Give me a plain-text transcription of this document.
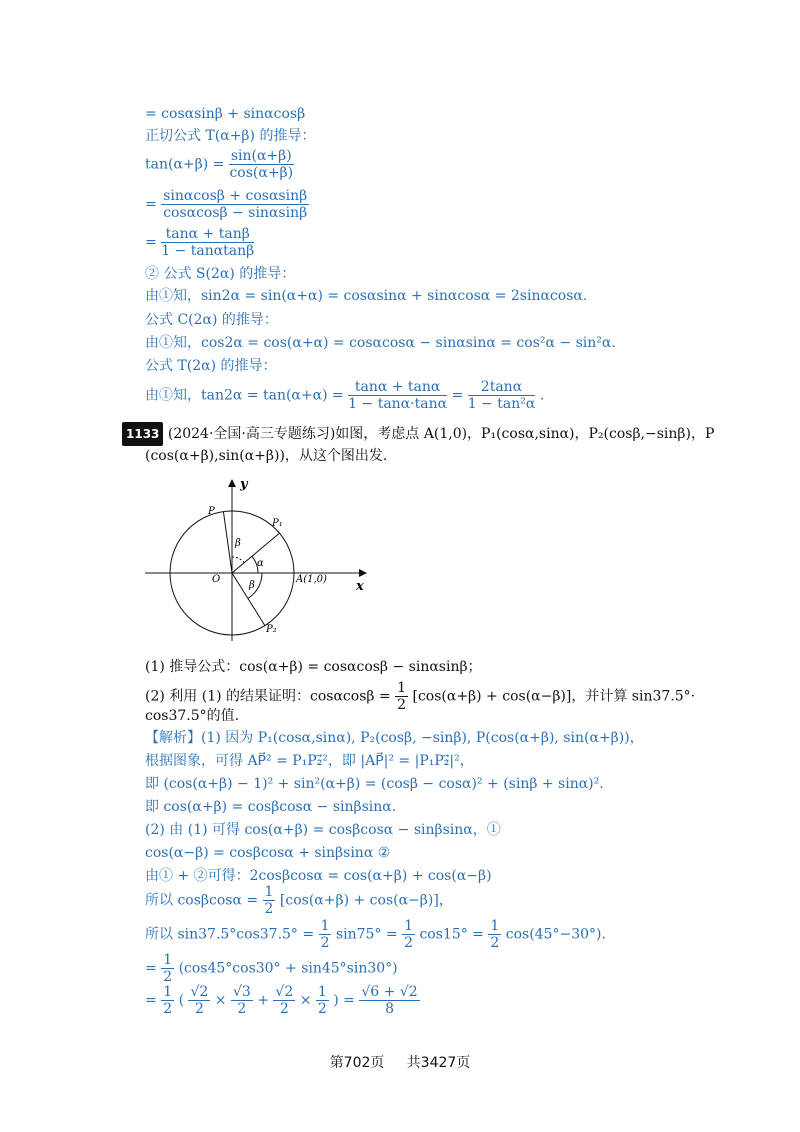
= cosαsinβ + sinαcosβ
正切公式 T(α+β) 的推导：
$\tan(\alpha+\beta) = \frac{\sin(\alpha+\beta)}{\cos(\alpha+\beta)}$
= $\frac{\sin\alpha\cos\beta + \cos\alpha\sin\beta}{\cos\alpha\cos\beta - \sin\alpha\sin\beta}$
= $\frac{\tan\alpha + \tan\beta}{1 - \tan\alpha\tan\beta}$
② 公式 S(2α) 的推导：
由①知，sin2α = sin(α+α) = cosαsinα + sinαcosα = 2sinαcosα.
公式 C(2α) 的推导：
由①知，cos2α = cos(α+α) = cosαcosα − sinαsinα = cos²α − sin²α.
公式 T(2α) 的推导：
由①知，$\tan 2\alpha = \tan(\alpha+\alpha) = \frac{\tan\alpha + \tan\alpha}{1 - \tan\alpha\cdot\tan\alpha} = \frac{2\tan\alpha}{\text{1 − tan²α}}$ .
1133 (2024·全国·高三专题练习)如图，考虑点 A(1,0)，P₁(cosα,sinα)，P₂(cosβ,−sinβ)，P
(cos(α+β),sin(α+β))，从这个图出发.
y
x
O	A(1,0)
P
P₁
P₂
α
β
β
(1) 推导公式：cos(α+β) = cosαcosβ − sinαsinβ；
(2) 利用 (1) 的结果证明：$\cos\alpha\cos\beta = \frac{1}{2} [\cos(\alpha+\beta) + \cos(\alpha-\beta)]$，并计算 sin37.5°·
cos37.5°的值.
【解析】(1) 因为 P₁(cosα,sinα), P₂(cosβ, −sinβ), P(cos(α+β), sin(α+β))，
根据图象，可得 AP⃗² = P₁P₂⃗²，即 |AP⃗|² = |P₁P₂⃗|²，
即 (cos(α+β) − 1)² + sin²(α+β) = (cosβ − cosα)² + (sinβ + sinα)².
即 cos(α+β) = cosβcosα − sinβsinα.
(2) 由 (1) 可得 cos(α+β) = cosβcosα − sinβsinα，①
cos(α−β) = cosβcosα + sinβsinα ②
由① + ②可得：2cosβcosα = cos(α+β) + cos(α−β)
所以 $\cos\beta\cos\alpha = \frac{1}{2} [\cos(\alpha+\beta) + \cos(\alpha-\beta)]$，
所以 $\sin 37.5^\circ\cos 37.5^\circ = \frac{1}{2} \sin 75^\circ = \frac{1}{2} \cos 15^\circ = \frac{1}{2} \cos(45^\circ-30^\circ)$.
= $\frac{1}{2} (\cos 45^\circ\cos 30^\circ + \sin 45^\circ\sin 30^\circ)$
= $\frac{1}{2}$ ( $\frac{√2}{2} \times \frac{√3}{2} + \frac{√2}{2} \times \frac{1}{2}$ ) = $\frac{√6 + √2}{8}$
第702页 共3427页
